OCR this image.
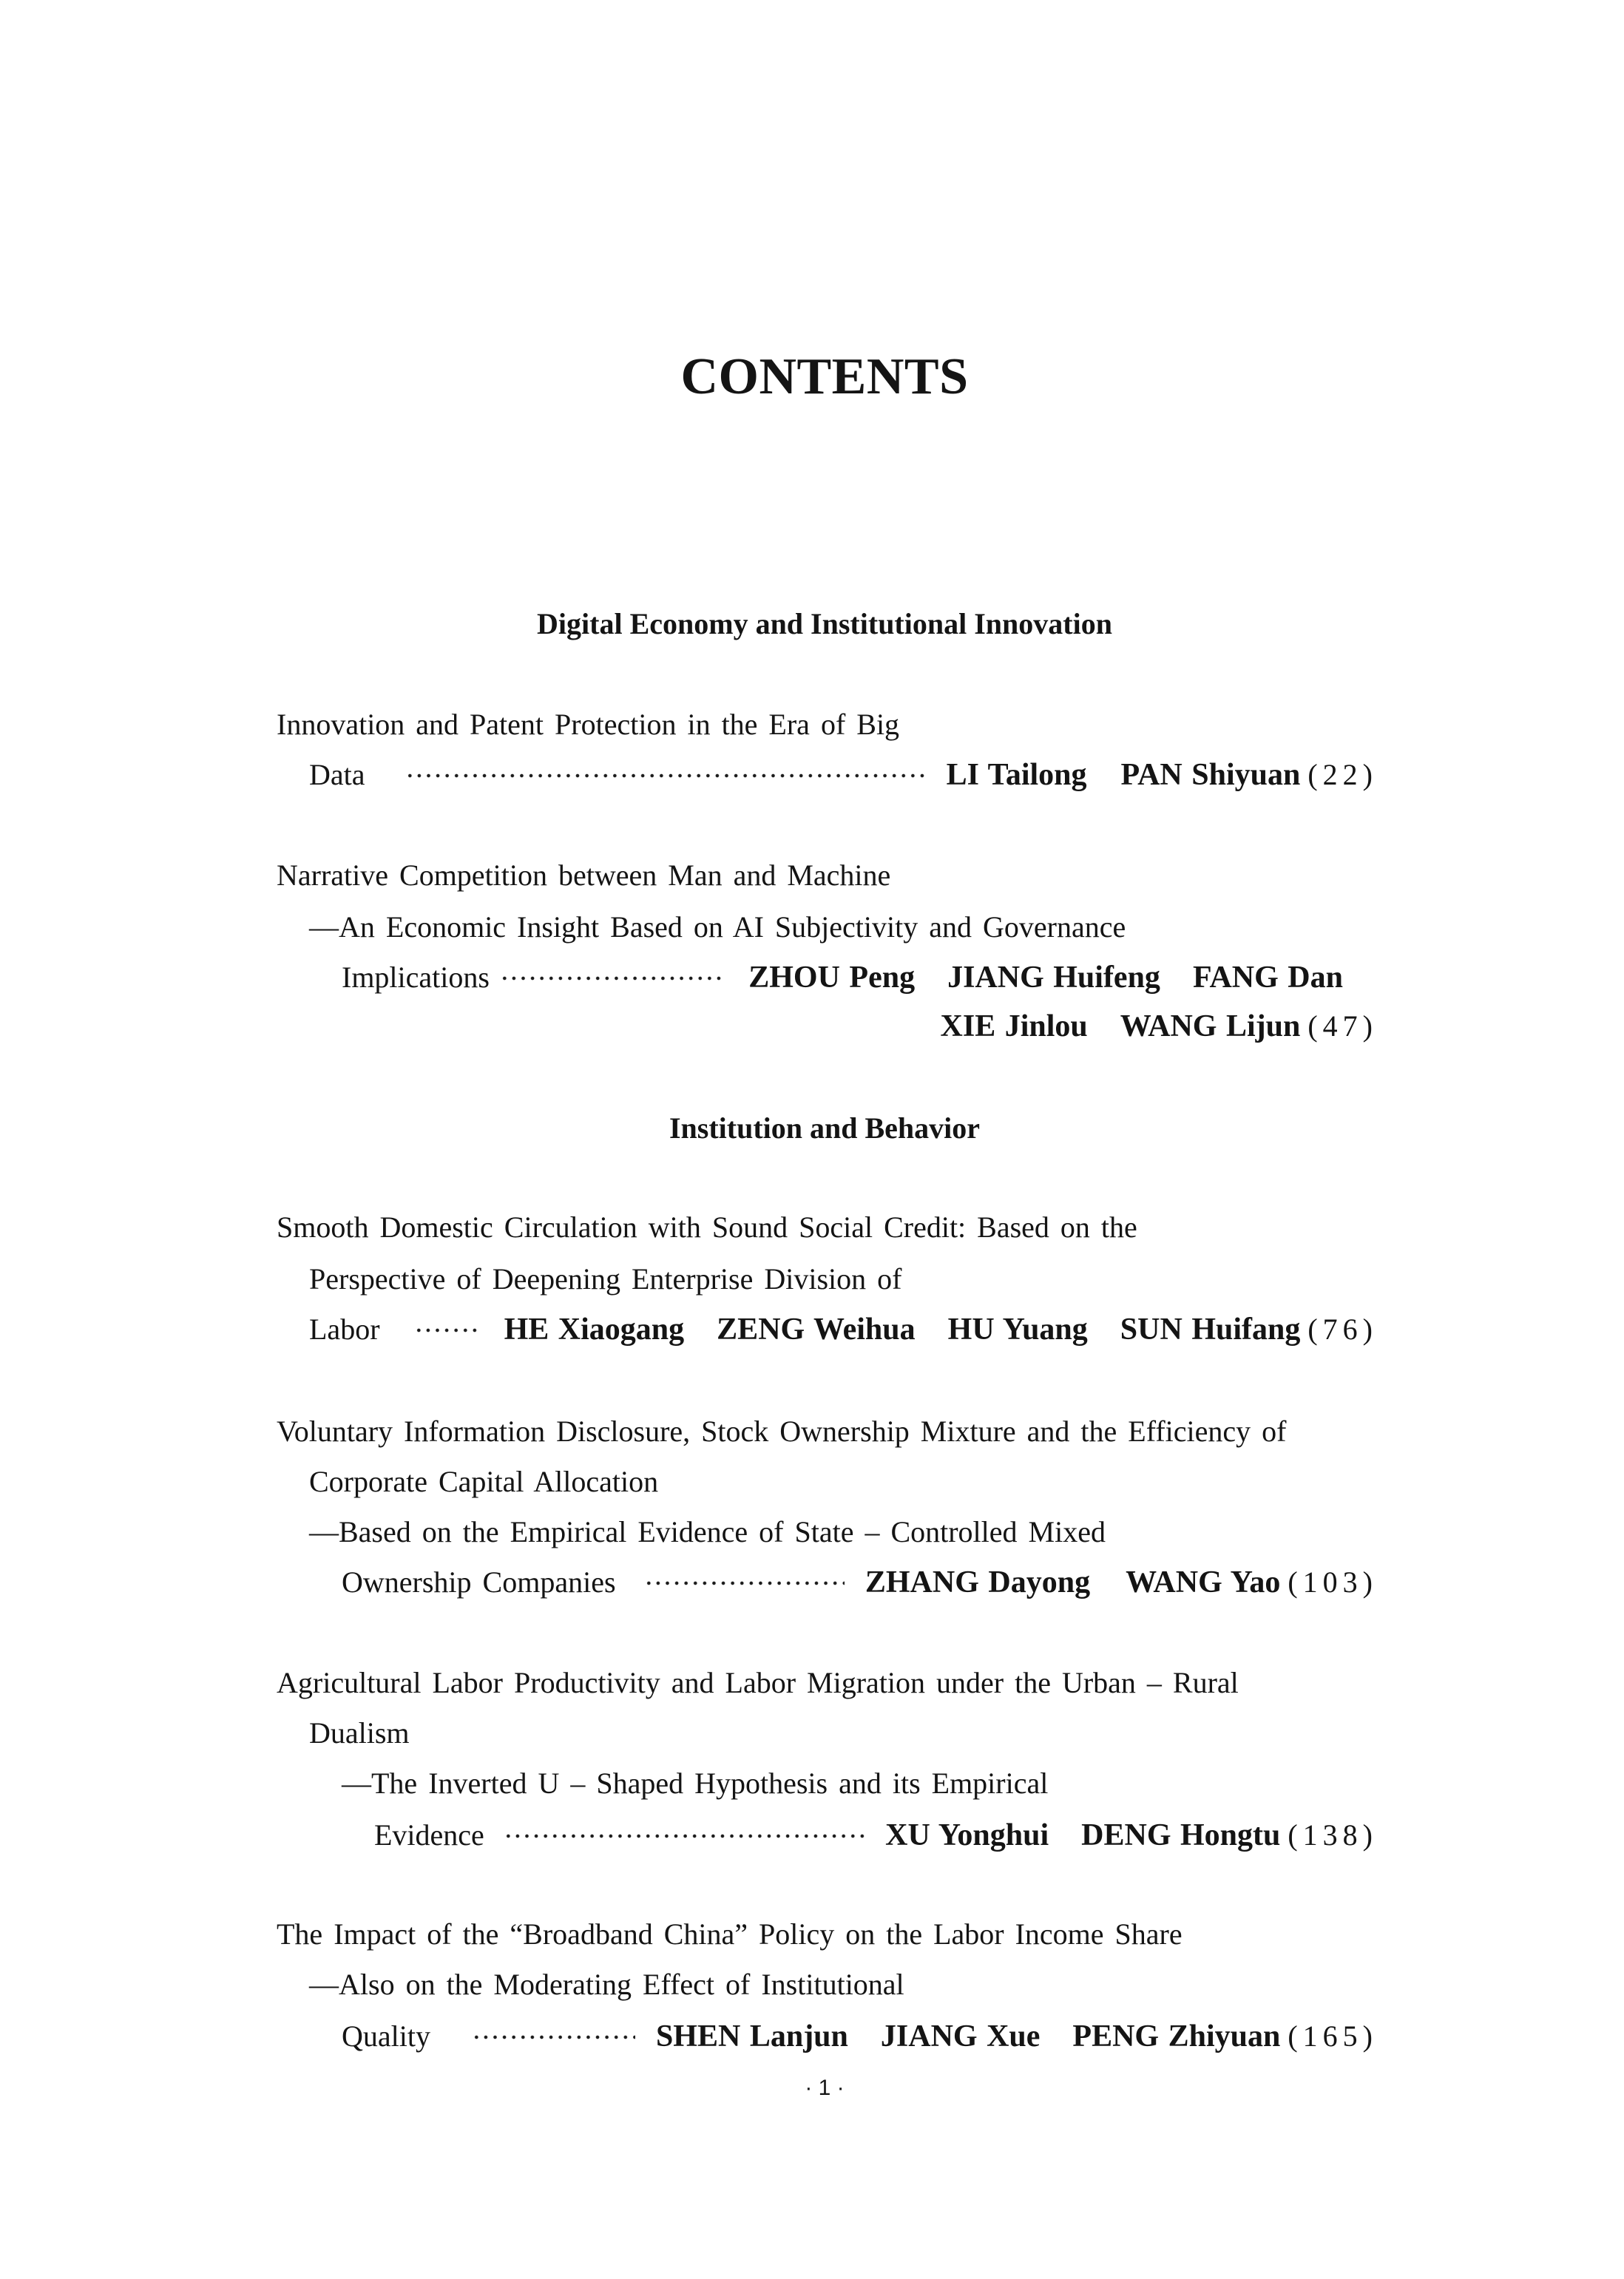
CONTENTS
Digital Economy and Institutional Innovation
Innovation and Patent Protection in the Era of Big
Data	LI Tailong PAN Shiyuan (22)
Narrative Competition between Man and Machine
—An Economic Insight Based on AI Subjectivity and Governance
Implications	ZHOU Peng JIANG Huifeng FANG Dan
XIE Jinlou WANG Lijun (47)
Institution and Behavior
Smooth Domestic Circulation with Sound Social Credit: Based on the
Perspective of Deepening Enterprise Division of
Labor	HE Xiaogang ZENG Weihua HU Yuang SUN Huifang (76)
Voluntary Information Disclosure, Stock Ownership Mixture and the Efficiency of
Corporate Capital Allocation
—Based on the Empirical Evidence of State – Controlled Mixed
Ownership Companies	ZHANG Dayong WANG Yao (103)
Agricultural Labor Productivity and Labor Migration under the Urban – Rural
Dualism
—The Inverted U – Shaped Hypothesis and its Empirical
Evidence	XU Yonghui DENG Hongtu (138)
The Impact of the “Broadband China” Policy on the Labor Income Share
—Also on the Moderating Effect of Institutional
Quality	SHEN Lanjun JIANG Xue PENG Zhiyuan (165)
· 1 ·
